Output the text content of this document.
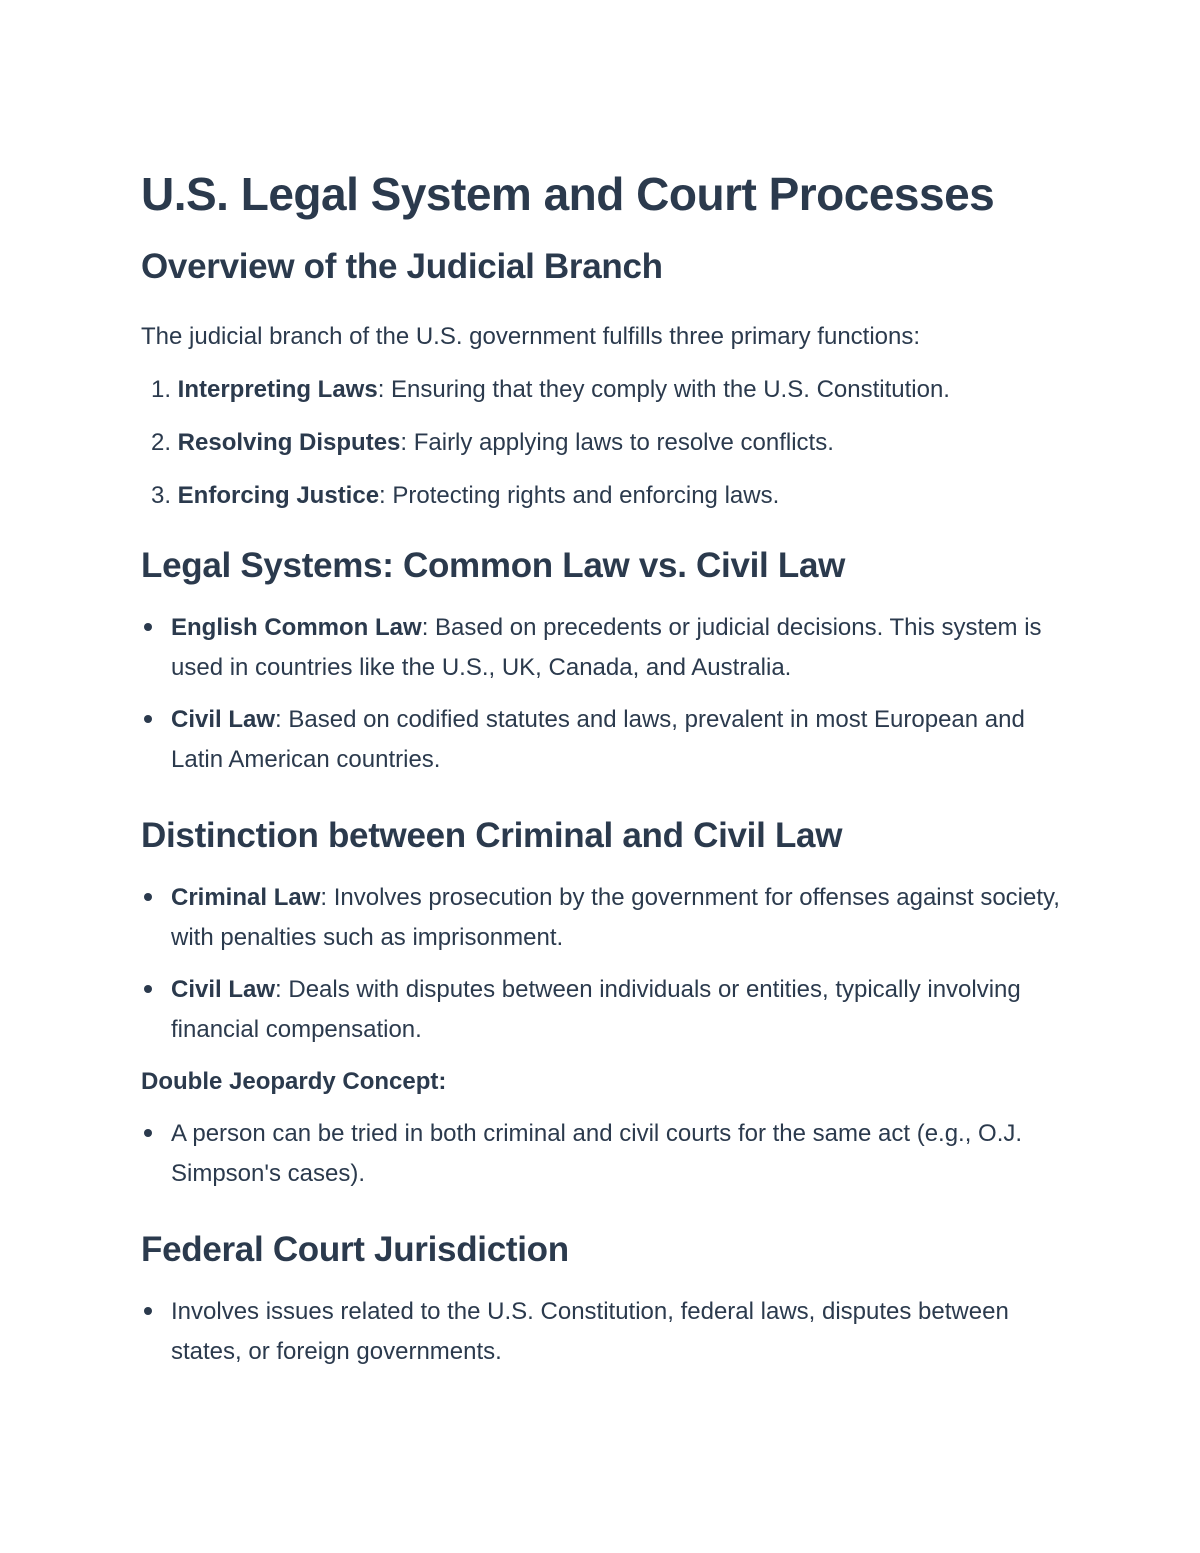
U.S. Legal System and Court Processes
Overview of the Judicial Branch

The judicial branch of the U.S. government fulfills three primary functions:

1. Interpreting Laws: Ensuring that they comply with the U.S. Constitution.
2. Resolving Disputes: Fairly applying laws to resolve conflicts.
3. Enforcing Justice: Protecting rights and enforcing laws.
Legal Systems: Common Law vs. Civil Law
English Common Law: Based on precedents or judicial decisions. This system is used in countries like the U.S., UK, Canada, and Australia.
Civil Law: Based on codified statutes and laws, prevalent in most European and Latin American countries.
Distinction between Criminal and Civil Law
Criminal Law: Involves prosecution by the government for offenses against society, with penalties such as imprisonment.
Civil Law: Deals with disputes between individuals or entities, typically involving financial compensation.

Double Jeopardy Concept:

A person can be tried in both criminal and civil courts for the same act (e.g., O.J. Simpson's cases).
Federal Court Jurisdiction
Involves issues related to the U.S. Constitution, federal laws, disputes between states, or foreign governments.
